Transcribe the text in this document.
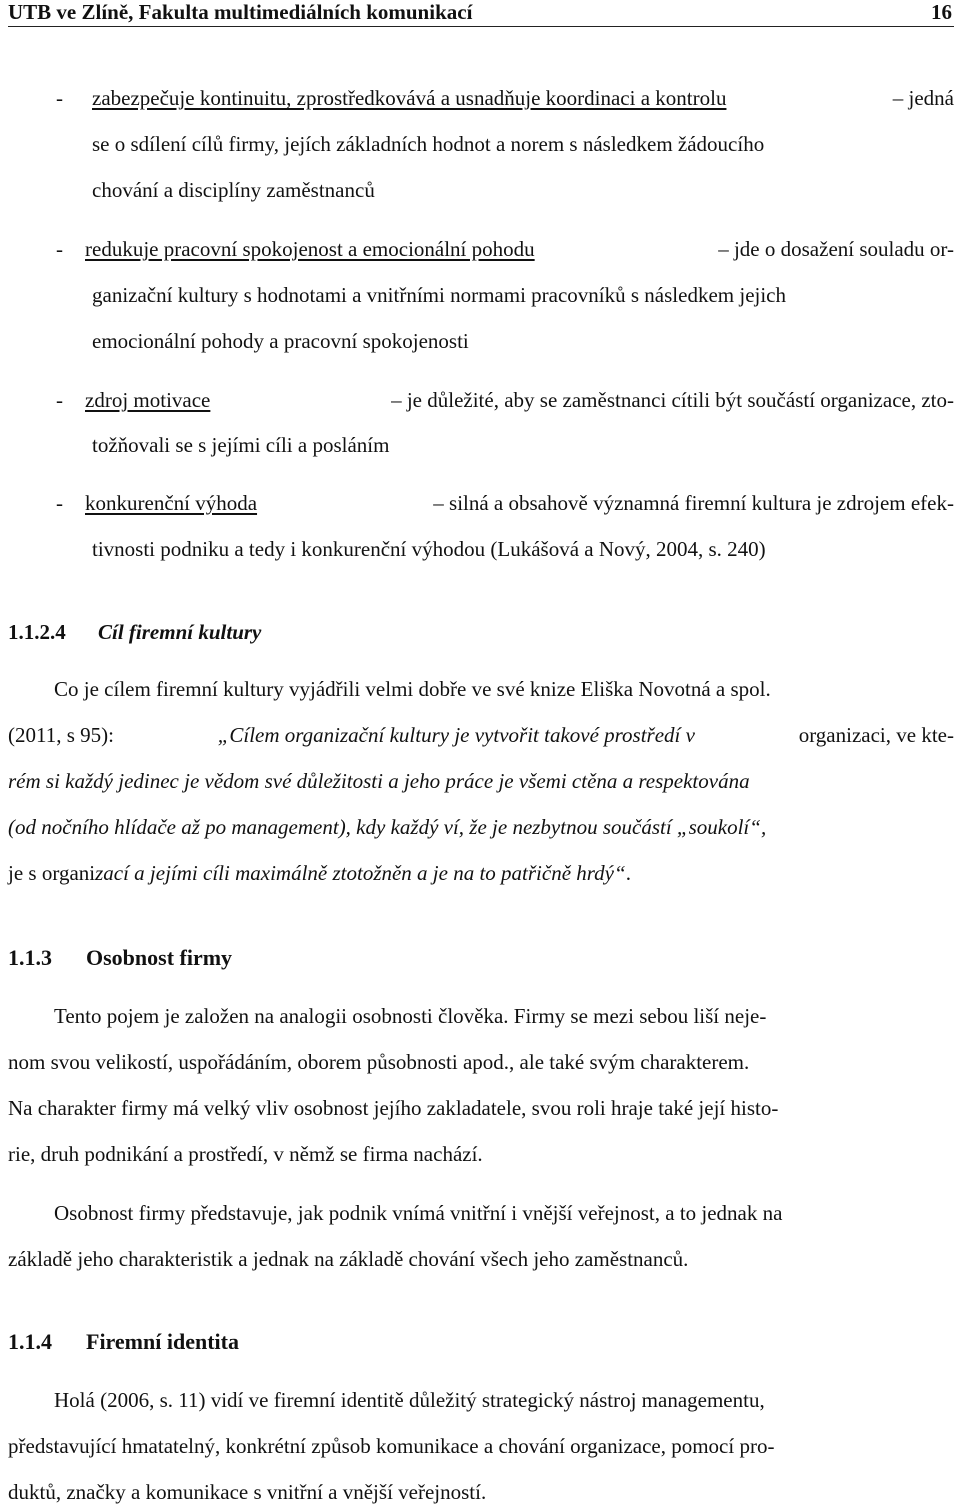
UTB ve Zlíně, Fakulta multimediálních komunikací	16
- zabezpečuje kontinuitu, zprostředkovává a usnadňuje koordinaci a kontrolu	– jedná
se o sdílení cílů firmy, jejích základních hodnot a norem s následkem žádoucího
chování a disciplíny zaměstnanců
- redukuje pracovní spokojenost a emocionální pohodu	– jde o dosažení souladu or-
ganizační kultury s hodnotami a vnitřními normami pracovníků s následkem jejich
emocionální pohody a pracovní spokojenosti
- zdroj motivace	– je důležité, aby se zaměstnanci cítili být součástí organizace, zto-
tožňovali se s jejími cíli a posláním
- konkurenční výhoda	– silná a obsahově významná firemní kultura je zdrojem efek-
tivnosti podniku a tedy i konkurenční výhodou (Lukášová a Nový, 2004, s. 240)
1.1.2.4 Cíl firemní kultury
Co je cílem firemní kultury vyjádřili velmi dobře ve své knize Eliška Novotná a spol.
(2011, s 95):	„Cílem organizační kultury je vytvořit takové prostředí v	organizaci, ve kte-
rém si každý jedinec je vědom své důležitosti a jeho práce je všemi ctěna a respektována
(od nočního hlídače až po management), kdy každý ví, že je nezbytnou součástí „soukolí“,
je s organizací a jejími cíli maximálně ztotožněn a je na to patřičně hrdý“.
1.1.3 Osobnost firmy
Tento pojem je založen na analogii osobnosti člověka. Firmy se mezi sebou liší neje-
nom svou velikostí, uspořádáním, oborem působnosti apod., ale také svým charakterem.
Na charakter firmy má velký vliv osobnost jejího zakladatele, svou roli hraje také její histo-
rie, druh podnikání a prostředí, v němž se firma nachází.
Osobnost firmy představuje, jak podnik vnímá vnitřní i vnější veřejnost, a to jednak na
základě jeho charakteristik a jednak na základě chování všech jeho zaměstnanců.
1.1.4 Firemní identita
Holá (2006, s. 11) vidí ve firemní identitě důležitý strategický nástroj managementu,
představující hmatatelný, konkrétní způsob komunikace a chování organizace, pomocí pro-
duktů, značky a komunikace s vnitřní a vnější veřejností.
